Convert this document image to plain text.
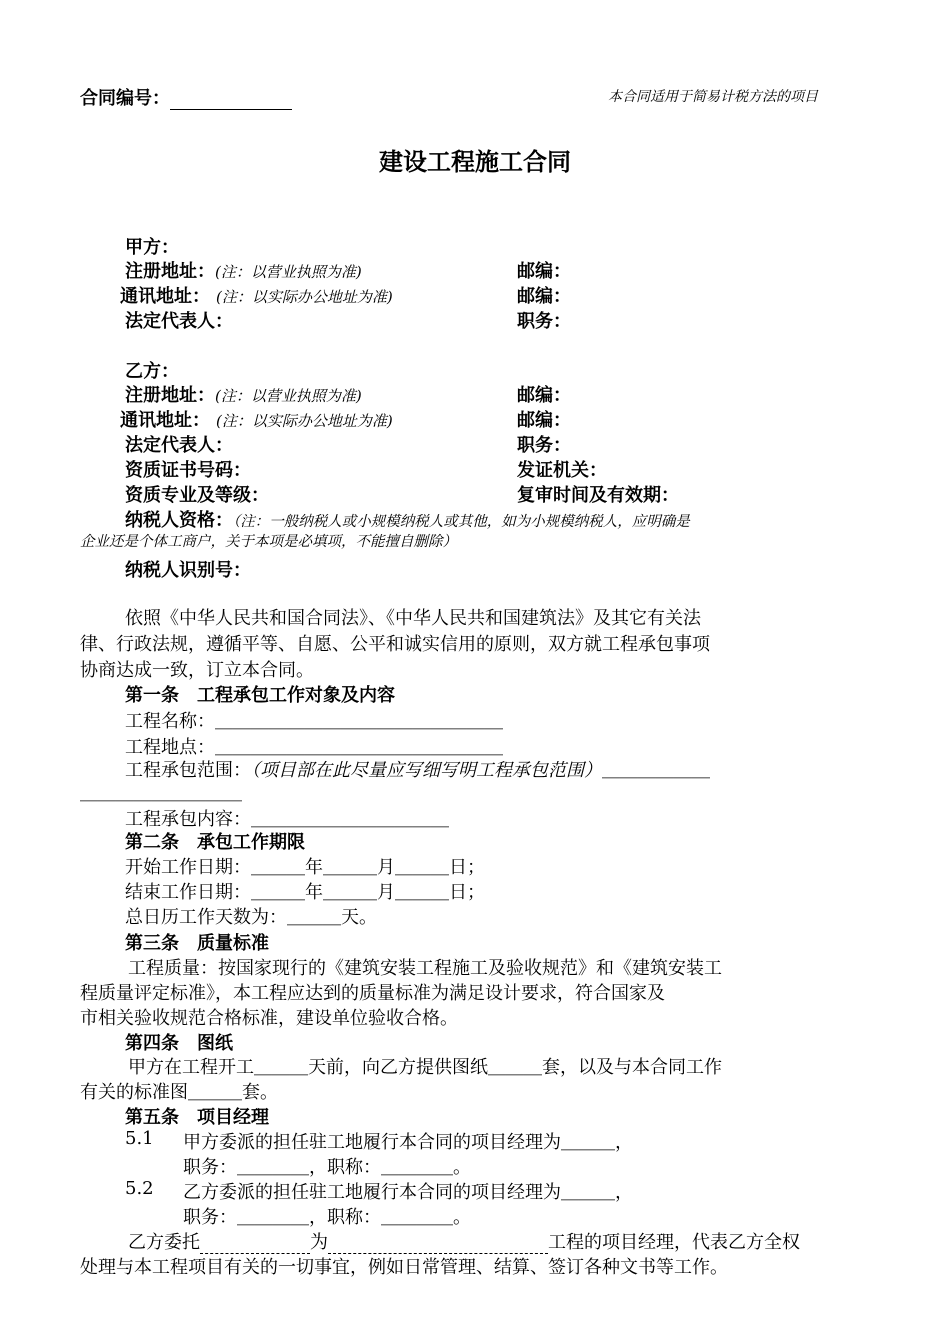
合同编号：	本合同适用于简易计税方法的项目
建设工程施工合同
甲方：
注册地址：(注：以营业执照为准)	邮编：
通讯地址： (注：以实际办公地址为准)	邮编：
法定代表人：	职务：
乙方：
注册地址：(注：以营业执照为准)	邮编：
通讯地址： (注：以实际办公地址为准)	邮编：
法定代表人：	职务：
资质证书号码：	发证机关：
资质专业及等级：	复审时间及有效期：
纳税人资格：（注：一般纳税人或小规模纳税人或其他，如为小规模纳税人，应明确是
企业还是个体工商户，关于本项是必填项，不能擅自删除）
纳税人识别号：
依照《中华人民共和国合同法》、《中华人民共和国建筑法》及其它有关法
律、行政法规，遵循平等、自愿、公平和诚实信用的原则，双方就工程承包事项
协商达成一致，订立本合同。
第一条　工程承包工作对象及内容
工程名称：＿＿＿＿＿＿＿＿＿＿＿＿＿＿＿＿
工程地点：＿＿＿＿＿＿＿＿＿＿＿＿＿＿＿＿
工程承包范围：（项目部在此尽量应写细写明工程承包范围）＿＿＿＿＿＿
＿＿＿＿＿＿＿＿＿
工程承包内容：＿＿＿＿＿＿＿＿＿＿＿
第二条　承包工作期限
开始工作日期：＿＿＿年＿＿＿月＿＿＿日；
结束工作日期：＿＿＿年＿＿＿月＿＿＿日；
总日历工作天数为：＿＿＿天。
第三条　质量标准
工程质量：按国家现行的《建筑安装工程施工及验收规范》和《建筑安装工
程质量评定标准》，本工程应达到的质量标准为满足设计要求，符合国家及
市相关验收规范合格标准，建设单位验收合格。
第四条　图纸
甲方在工程开工＿＿＿天前，向乙方提供图纸＿＿＿套，以及与本合同工作
有关的标准图＿＿＿套。
第五条　项目经理
5.1 甲方委派的担任驻工地履行本合同的项目经理为＿＿＿，
职务：＿＿＿＿，职称：＿＿＿＿。
5.2 乙方委派的担任驻工地履行本合同的项目经理为＿＿＿，
职务：＿＿＿＿，职称：＿＿＿＿。
乙方委托	为	工程的项目经理，代表乙方全权
处理与本工程项目有关的一切事宜，例如日常管理、结算、签订各种文书等工作。
